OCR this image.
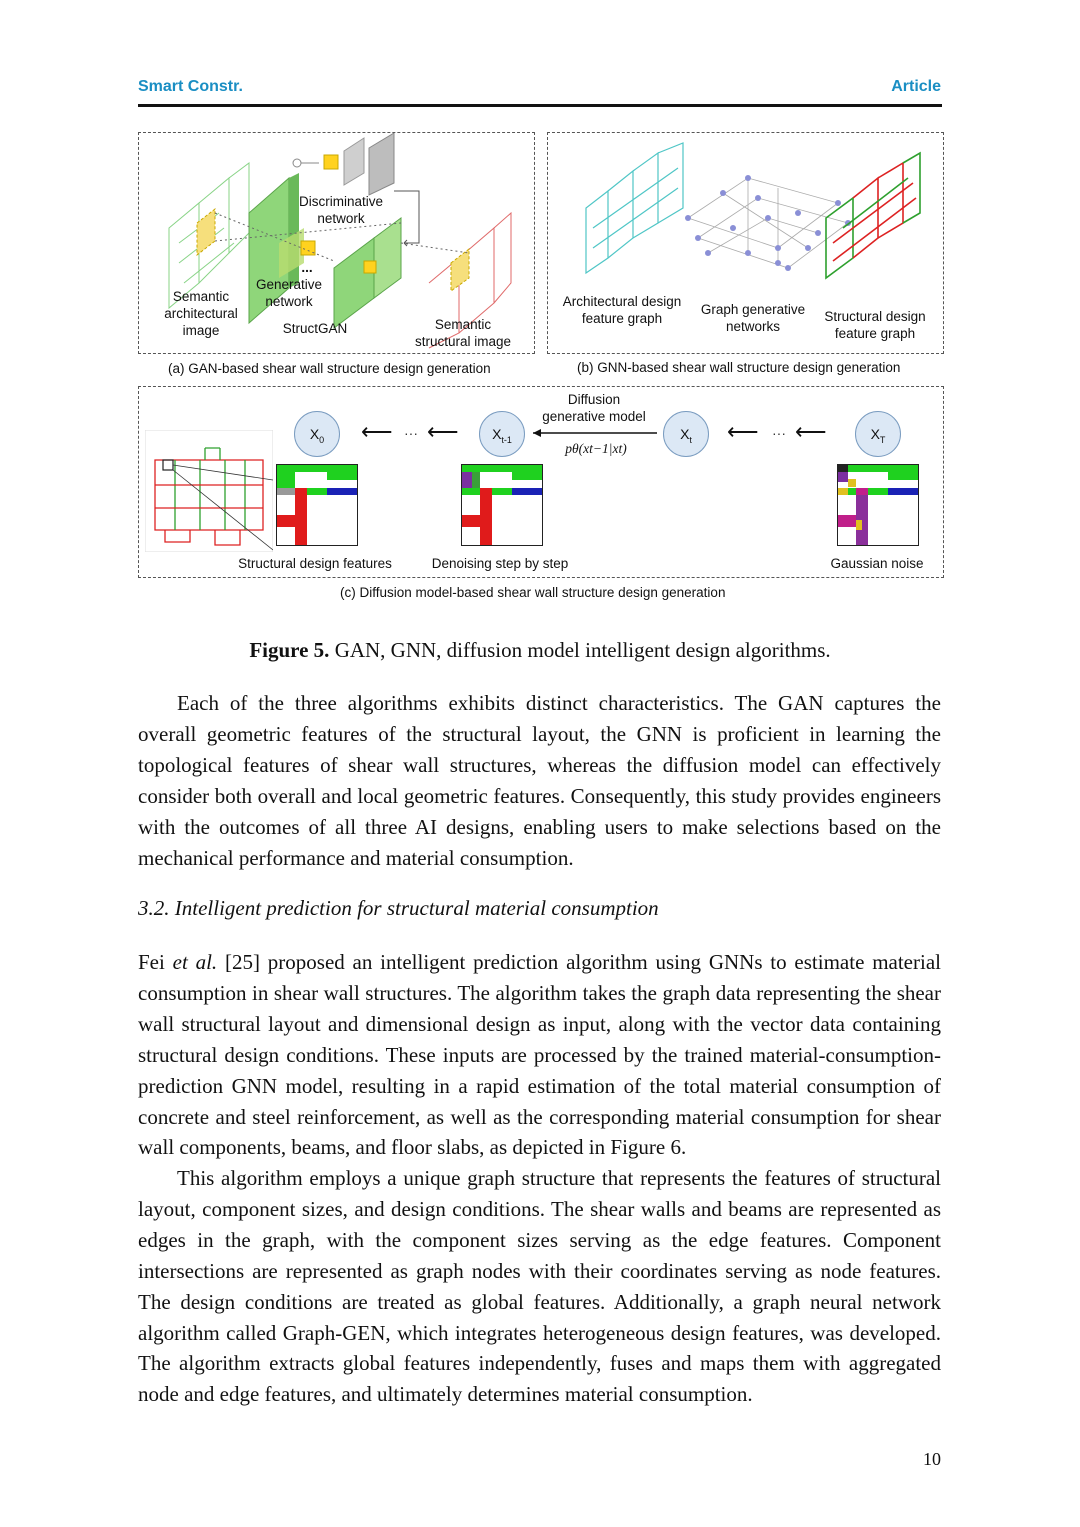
Smart Constr.	Article
Discriminative
network
Generative
network
...
Semantic
architectural
image	StructGAN	Semantic
structural image
(a) GAN-based shear wall structure design generation
Architectural design
feature graph
Graph generative
networks
Structural design
feature graph
(b) GNN-based shear wall structure design generation
$X_0$	$X_{t-1}$	$X_t$	$X_T$
⟵ ··· ⟵
Diffusion
generative model
pθ(xt−1|xt)
⟵ ··· ⟵
Structural design features	Denoising step by step	Gaussian noise
(c) Diffusion model-based shear wall structure design generation
Figure 5. GAN, GNN, diffusion model intelligent design algorithms.

Each of the three algorithms exhibits distinct characteristics. The GAN captures the overall geometric features of the structural layout, the GNN is proficient in learning the topological features of shear wall structures, whereas the diffusion model can effectively consider both overall and local geometric features. Consequently, this study provides engineers with the outcomes of all three AI designs, enabling users to make selections based on the mechanical performance and material consumption.

3.2. Intelligent prediction for structural material consumption

Fei et al. [25] proposed an intelligent prediction algorithm using GNNs to estimate material consumption in shear wall structures. The algorithm takes the graph data representing the shear wall structural layout and dimensional design as input, along with the vector data containing structural design conditions. These inputs are processed by the trained material-consumption-prediction GNN model, resulting in a rapid estimation of the total material consumption of concrete and steel reinforcement, as well as the corresponding material consumption for shear wall components, beams, and floor slabs, as depicted in Figure 6.

This algorithm employs a unique graph structure that represents the features of structural layout, component sizes, and design conditions. The shear walls and beams are represented as edges in the graph, with the component sizes serving as the edge features. Component intersections are represented as graph nodes with their coordinates serving as node features. The design conditions are treated as global features. Additionally, a graph neural network algorithm called Graph-GEN, which integrates heterogeneous design features, was developed. The algorithm extracts global features independently, fuses and maps them with aggregated node and edge features, and ultimately determines material consumption.

10
